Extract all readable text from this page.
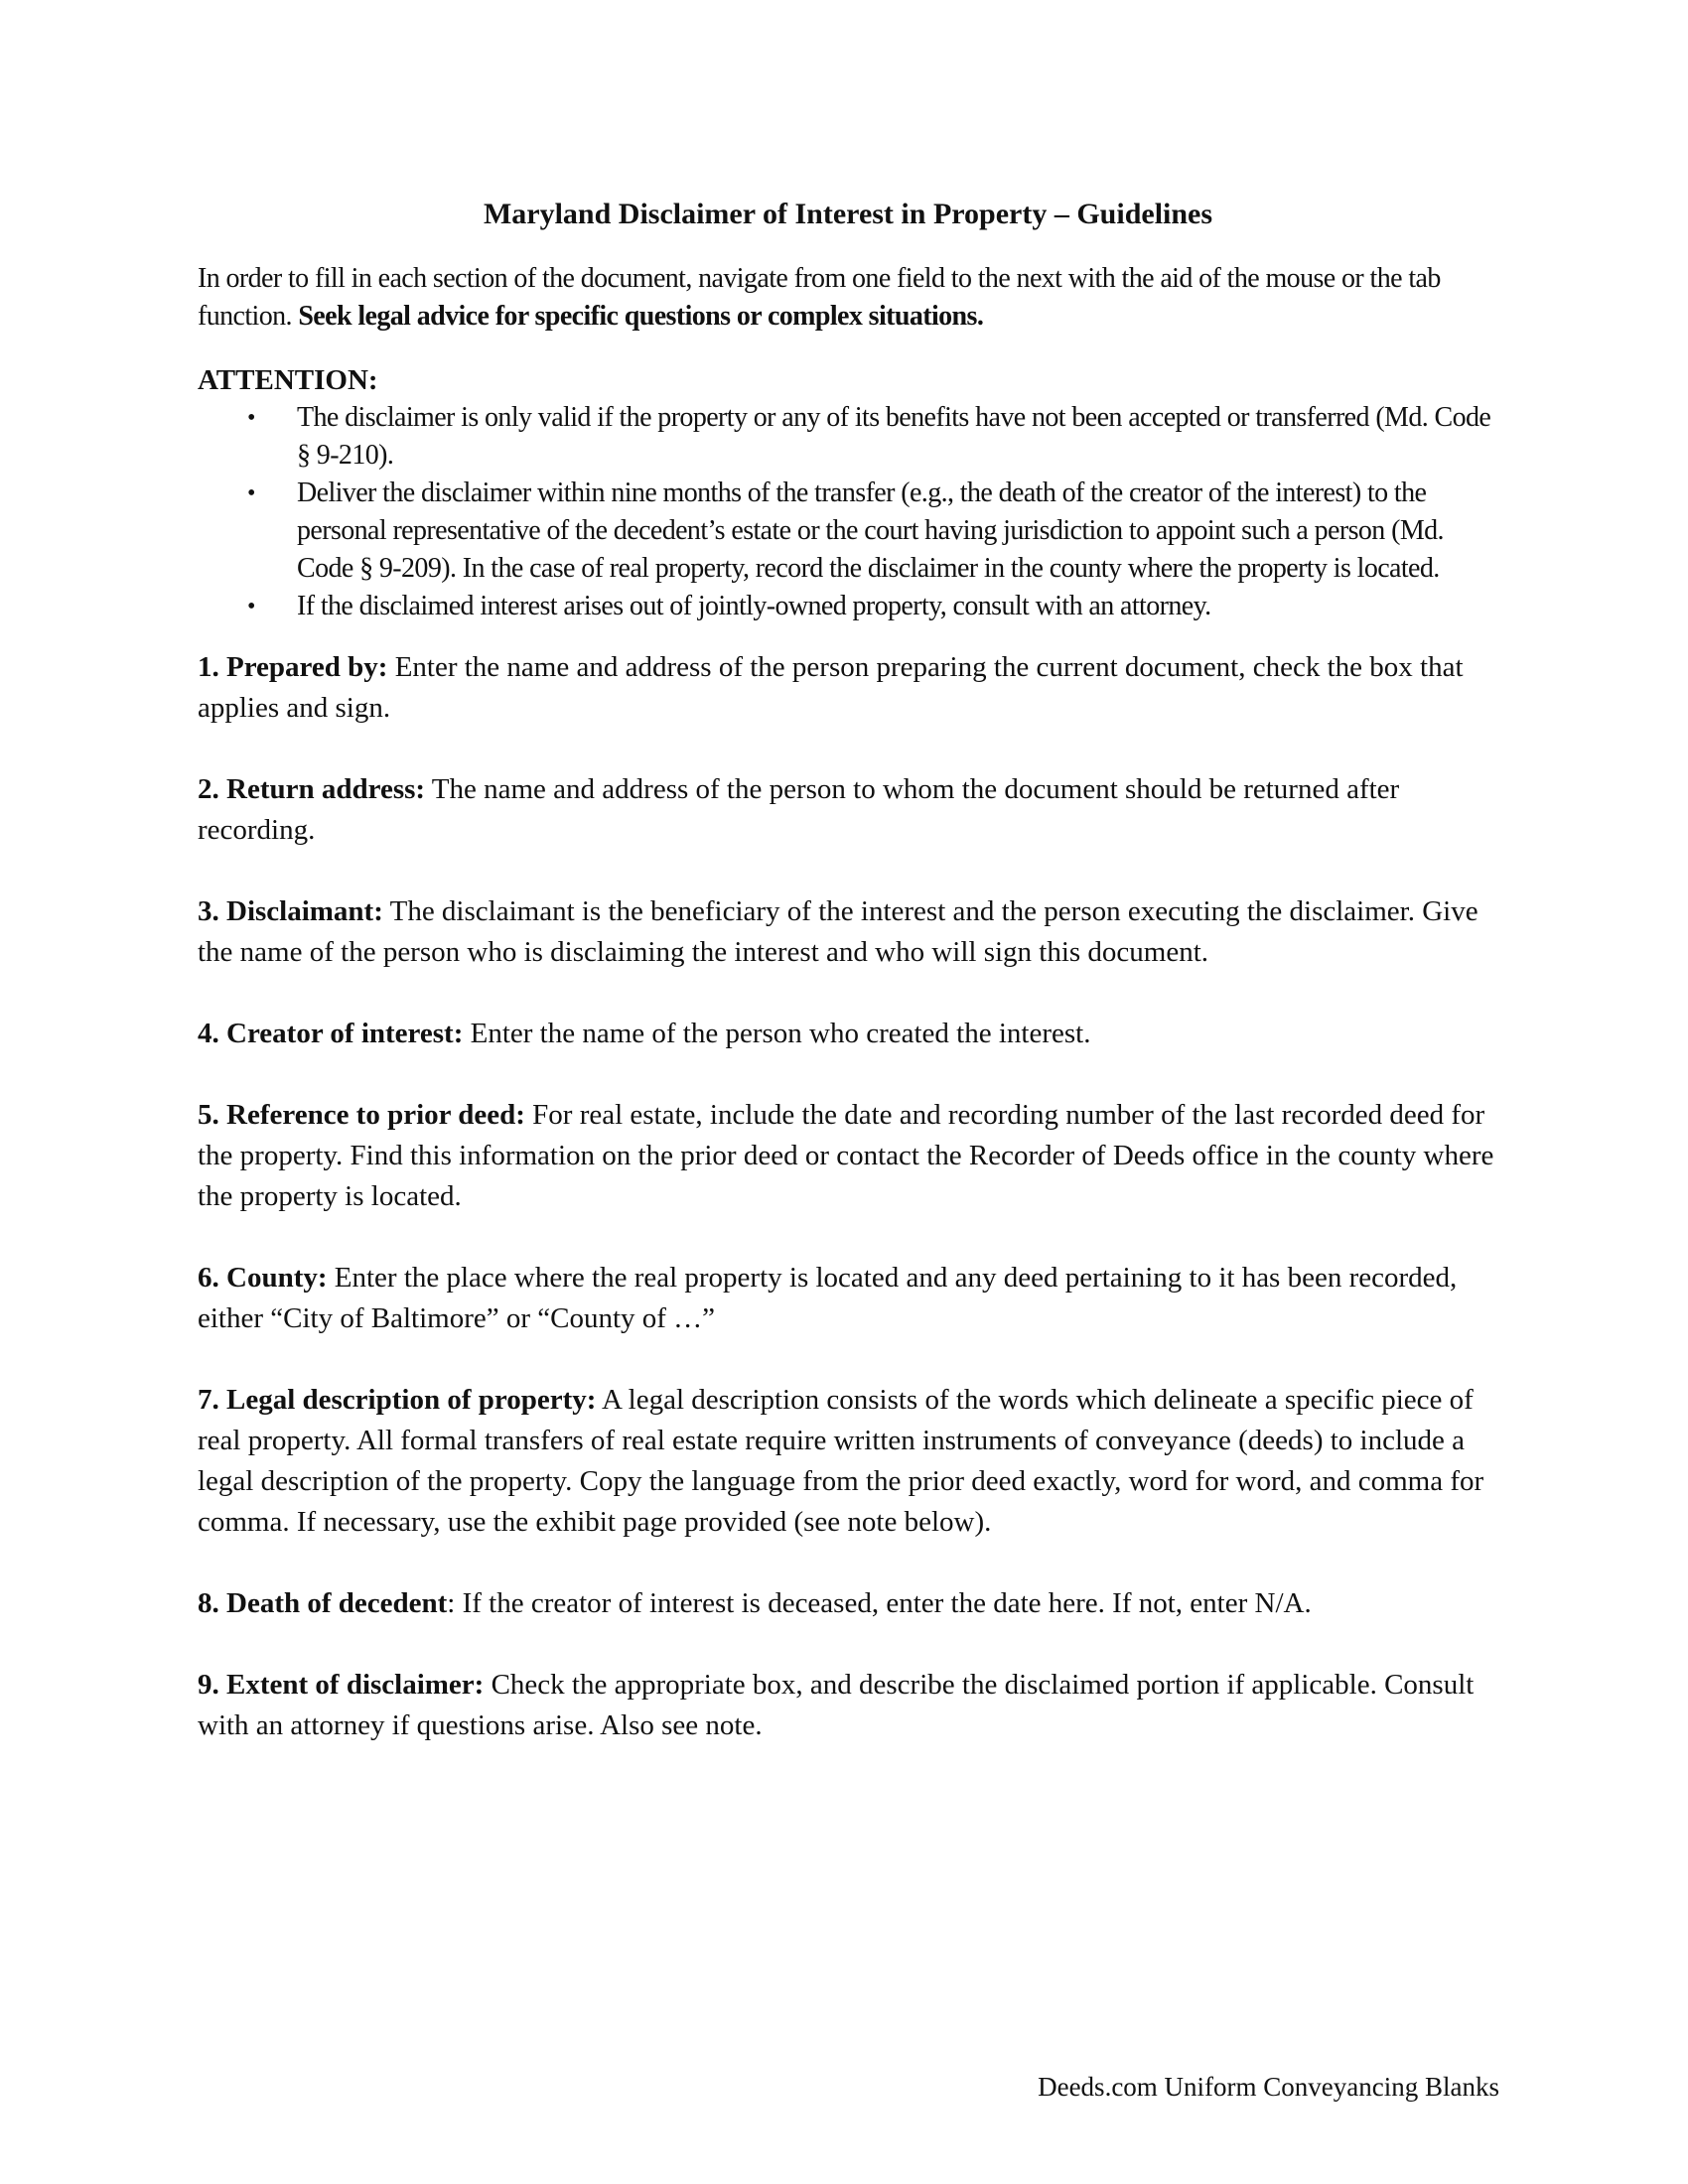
Maryland Disclaimer of Interest in Property – Guidelines

In order to fill in each section of the document, navigate from one field to the next with the aid of the mouse or the tab function. Seek legal advice for specific questions or complex situations.

ATTENTION:

• The disclaimer is only valid if the property or any of its benefits have not been accepted or transferred (Md. Code § 9-210).
• Deliver the disclaimer within nine months of the transfer (e.g., the death of the creator of the interest) to the personal representative of the decedent’s estate or the court having jurisdiction to appoint such a person (Md. Code § 9-209). In the case of real property, record the disclaimer in the county where the property is located.
• If the disclaimed interest arises out of jointly-owned property, consult with an attorney.

1. Prepared by: Enter the name and address of the person preparing the current document, check the box that applies and sign.

2. Return address: The name and address of the person to whom the document should be returned after recording.

3. Disclaimant: The disclaimant is the beneficiary of the interest and the person executing the disclaimer. Give the name of the person who is disclaiming the interest and who will sign this document.

4. Creator of interest: Enter the name of the person who created the interest.

5. Reference to prior deed: For real estate, include the date and recording number of the last recorded deed for the property. Find this information on the prior deed or contact the Recorder of Deeds office in the county where the property is located.

6. County: Enter the place where the real property is located and any deed pertaining to it has been recorded, either “City of Baltimore” or “County of …”

7. Legal description of property: A legal description consists of the words which delineate a specific piece of real property. All formal transfers of real estate require written instruments of conveyance (deeds) to include a legal description of the property. Copy the language from the prior deed exactly, word for word, and comma for comma. If necessary, use the exhibit page provided (see note below).

8. Death of decedent: If the creator of interest is deceased, enter the date here. If not, enter N/A.

9. Extent of disclaimer: Check the appropriate box, and describe the disclaimed portion if applicable. Consult with an attorney if questions arise. Also see note.

Deeds.com Uniform Conveyancing Blanks
